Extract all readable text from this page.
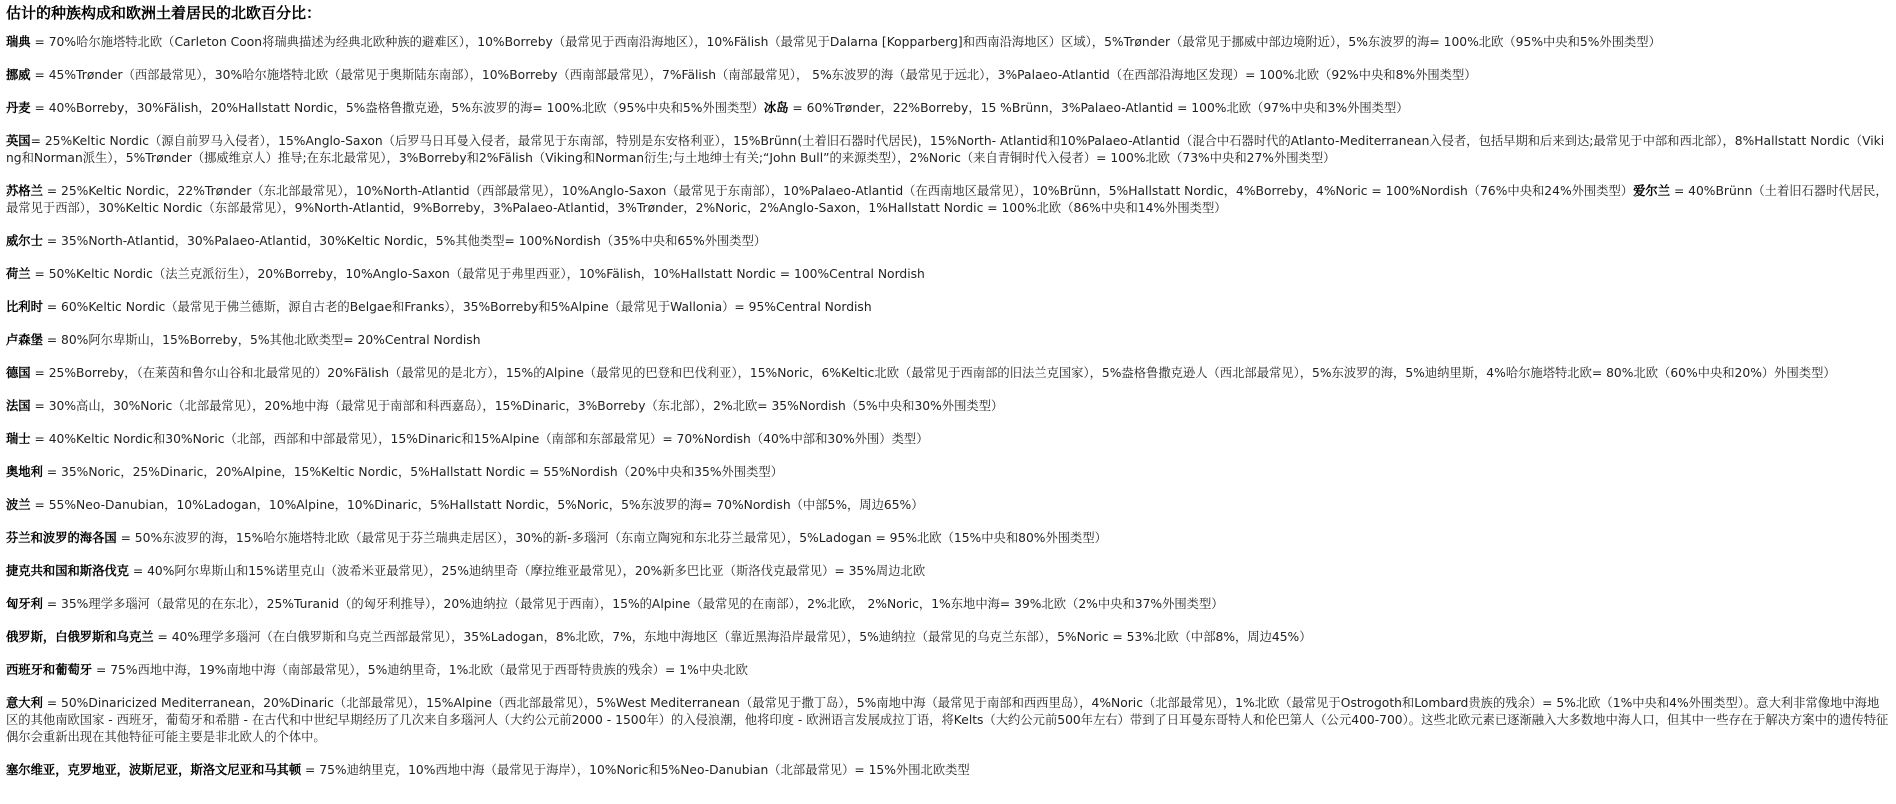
估计的种族构成和欧洲土着居民的北欧百分比：
瑞典 = 70%哈尔施塔特北欧（Carleton Coon将瑞典描述为经典北欧种族的避难区），10%Borreby（最常见于西南沿海地区），10%Fälish（最常见于Dalarna [Kopparberg]和西南沿海地区）区域），5%Trønder（最常见于挪威中部边境附近），5%东波罗的海= 100%北欧（95%中央和5%外围类型）
挪威 = 45%Trønder（西部最常见），30%哈尔施塔特北欧（最常见于奥斯陆东南部），10%Borreby（西南部最常见），7%Fälish（南部最常见）， 5%东波罗的海（最常见于远北），3%Palaeo-Atlantid（在西部沿海地区发现）= 100%北欧（92%中央和8%外围类型）
丹麦 = 40%Borreby，30%Fälish，20%Hallstatt Nordic，5%盎格鲁撒克逊，5%东波罗的海= 100%北欧（95%中央和5%外围类型）冰岛 = 60%Trønder，22%Borreby，15 %Brünn，3%Palaeo-Atlantid = 100%北欧（97%中央和3%外围类型）
英国= 25%Keltic Nordic（源自前罗马入侵者），15%Anglo-Saxon（后罗马日耳曼入侵者，最常见于东南部，特别是东安格利亚），15%Brünn(土着旧石器时代居民)，15%North- Atlantid和10%Palaeo-Atlantid（混合中石器时代的Atlanto-Mediterranean入侵者，包括早期和后来到达;最常见于中部和西北部），8%Hallstatt Nordic（Viking和Norman派生），5%Trønder（挪威维京人）推导;在东北最常见），3%Borreby和2%Fälish（Viking和Norman衍生;与土地绅士有关;“John Bull”的来源类型），2%Noric（来自青铜时代入侵者）= 100%北欧（73%中央和27%外围类型）
苏格兰 = 25%Keltic Nordic，22%Trønder（东北部最常见），10%North-Atlantid（西部最常见），10%Anglo-Saxon（最常见于东南部），10%Palaeo-Atlantid（在西南地区最常见），10%Brünn，5%Hallstatt Nordic，4%Borreby，4%Noric = 100%Nordish（76%中央和24%外围类型）爱尔兰 = 40%Brünn（土着旧石器时代居民，最常见于西部），30%Keltic Nordic（东部最常见），9%North-Atlantid，9%Borreby，3%Palaeo-Atlantid，3%Trønder，2%Noric，2%Anglo-Saxon，1%Hallstatt Nordic = 100%北欧（86%中央和14%外围类型）
威尔士 = 35%North-Atlantid，30%Palaeo-Atlantid，30%Keltic Nordic，5%其他类型= 100%Nordish（35%中央和65%外围类型）
荷兰 = 50%Keltic Nordic（法兰克派衍生），20%Borreby，10%Anglo-Saxon（最常见于弗里西亚），10%Fälish，10%Hallstatt Nordic = 100%Central Nordish
比利时 = 60%Keltic Nordic（最常见于佛兰德斯，源自古老的Belgae和Franks），35%Borreby和5%Alpine（最常见于Wallonia）= 95%Central Nordish
卢森堡 = 80%阿尔卑斯山，15%Borreby，5%其他北欧类型= 20%Central Nordish
德国 = 25%Borreby，（在莱茵和鲁尔山谷和北最常见的）20%Fälish（最常见的是北方），15%的Alpine（最常见的巴登和巴伐利亚），15%Noric，6%Keltic北欧（最常见于西南部的旧法兰克国家），5%盎格鲁撒克逊人（西北部最常见），5%东波罗的海，5%迪纳里斯，4%哈尔施塔特北欧= 80%北欧（60%中央和20%）外围类型）
法国 = 30%高山，30%Noric（北部最常见），20%地中海（最常见于南部和科西嘉岛），15%Dinaric，3%Borreby（东北部），2%北欧= 35%Nordish（5%中央和30%外围类型）
瑞士 = 40%Keltic Nordic和30%Noric（北部，西部和中部最常见），15%Dinaric和15%Alpine（南部和东部最常见）= 70%Nordish（40%中部和30%外围）类型）
奥地利 = 35%Noric，25%Dinaric，20%Alpine，15%Keltic Nordic，5%Hallstatt Nordic = 55%Nordish（20%中央和35%外围类型）
波兰 = 55%Neo-Danubian，10%Ladogan，10%Alpine，10%Dinaric，5%Hallstatt Nordic，5%Noric，5%东波罗的海= 70%Nordish（中部5%，周边65%）
芬兰和波罗的海各国 = 50%东波罗的海，15%哈尔施塔特北欧（最常见于芬兰瑞典走居区），30%的新-多瑙河（东南立陶宛和东北芬兰最常见），5%Ladogan = 95%北欧（15%中央和80%外围类型）
捷克共和国和斯洛伐克 = 40%阿尔卑斯山和15%诺里克山（波希米亚最常见），25%迪纳里奇（摩拉维亚最常见），20%新多巴比亚（斯洛伐克最常见）= 35%周边北欧
匈牙利 = 35%理学多瑙河（最常见的在东北），25%Turanid（的匈牙利推导），20%迪纳拉（最常见于西南），15%的Alpine（最常见的在南部），2%北欧， 2%Noric，1%东地中海= 39%北欧（2%中央和37%外围类型）
俄罗斯，白俄罗斯和乌克兰 = 40%理学多瑙河（在白俄罗斯和乌克兰西部最常见），35%Ladogan，8%北欧，7%，东地中海地区（靠近黑海沿岸最常见），5%迪纳拉（最常见的乌克兰东部），5%Noric = 53%北欧（中部8%，周边45%）
西班牙和葡萄牙 = 75%西地中海，19%南地中海（南部最常见），5%迪纳里奇，1%北欧（最常见于西哥特贵族的残余）= 1%中央北欧
意大利 = 50%Dinaricized Mediterranean，20%Dinaric（北部最常见），15%Alpine（西北部最常见），5%West Mediterranean（最常见于撒丁岛），5%南地中海（最常见于南部和西西里岛），4%Noric（北部最常见），1%北欧（最常见于Ostrogoth和Lombard贵族的残余）= 5%北欧（1%中央和4%外围类型）。意大利非常像地中海地区的其他南欧国家 - 西班牙，葡萄牙和希腊 - 在古代和中世纪早期经历了几次来自多瑙河人（大约公元前2000 - 1500年）的入侵浪潮，他将印度 - 欧洲语言发展成拉丁语，将Kelts（大约公元前500年左右）带到了日耳曼东哥特人和伦巴第人（公元400-700）。这些北欧元素已逐渐融入大多数地中海人口，但其中一些存在于解决方案中的遗传特征偶尔会重新出现在其他特征可能主要是非北欧人的个体中。
塞尔维亚，克罗地亚，波斯尼亚，斯洛文尼亚和马其顿 = 75%迪纳里克，10%西地中海（最常见于海岸），10%Noric和5%Neo-Danubian（北部最常见）= 15%外围北欧类型
